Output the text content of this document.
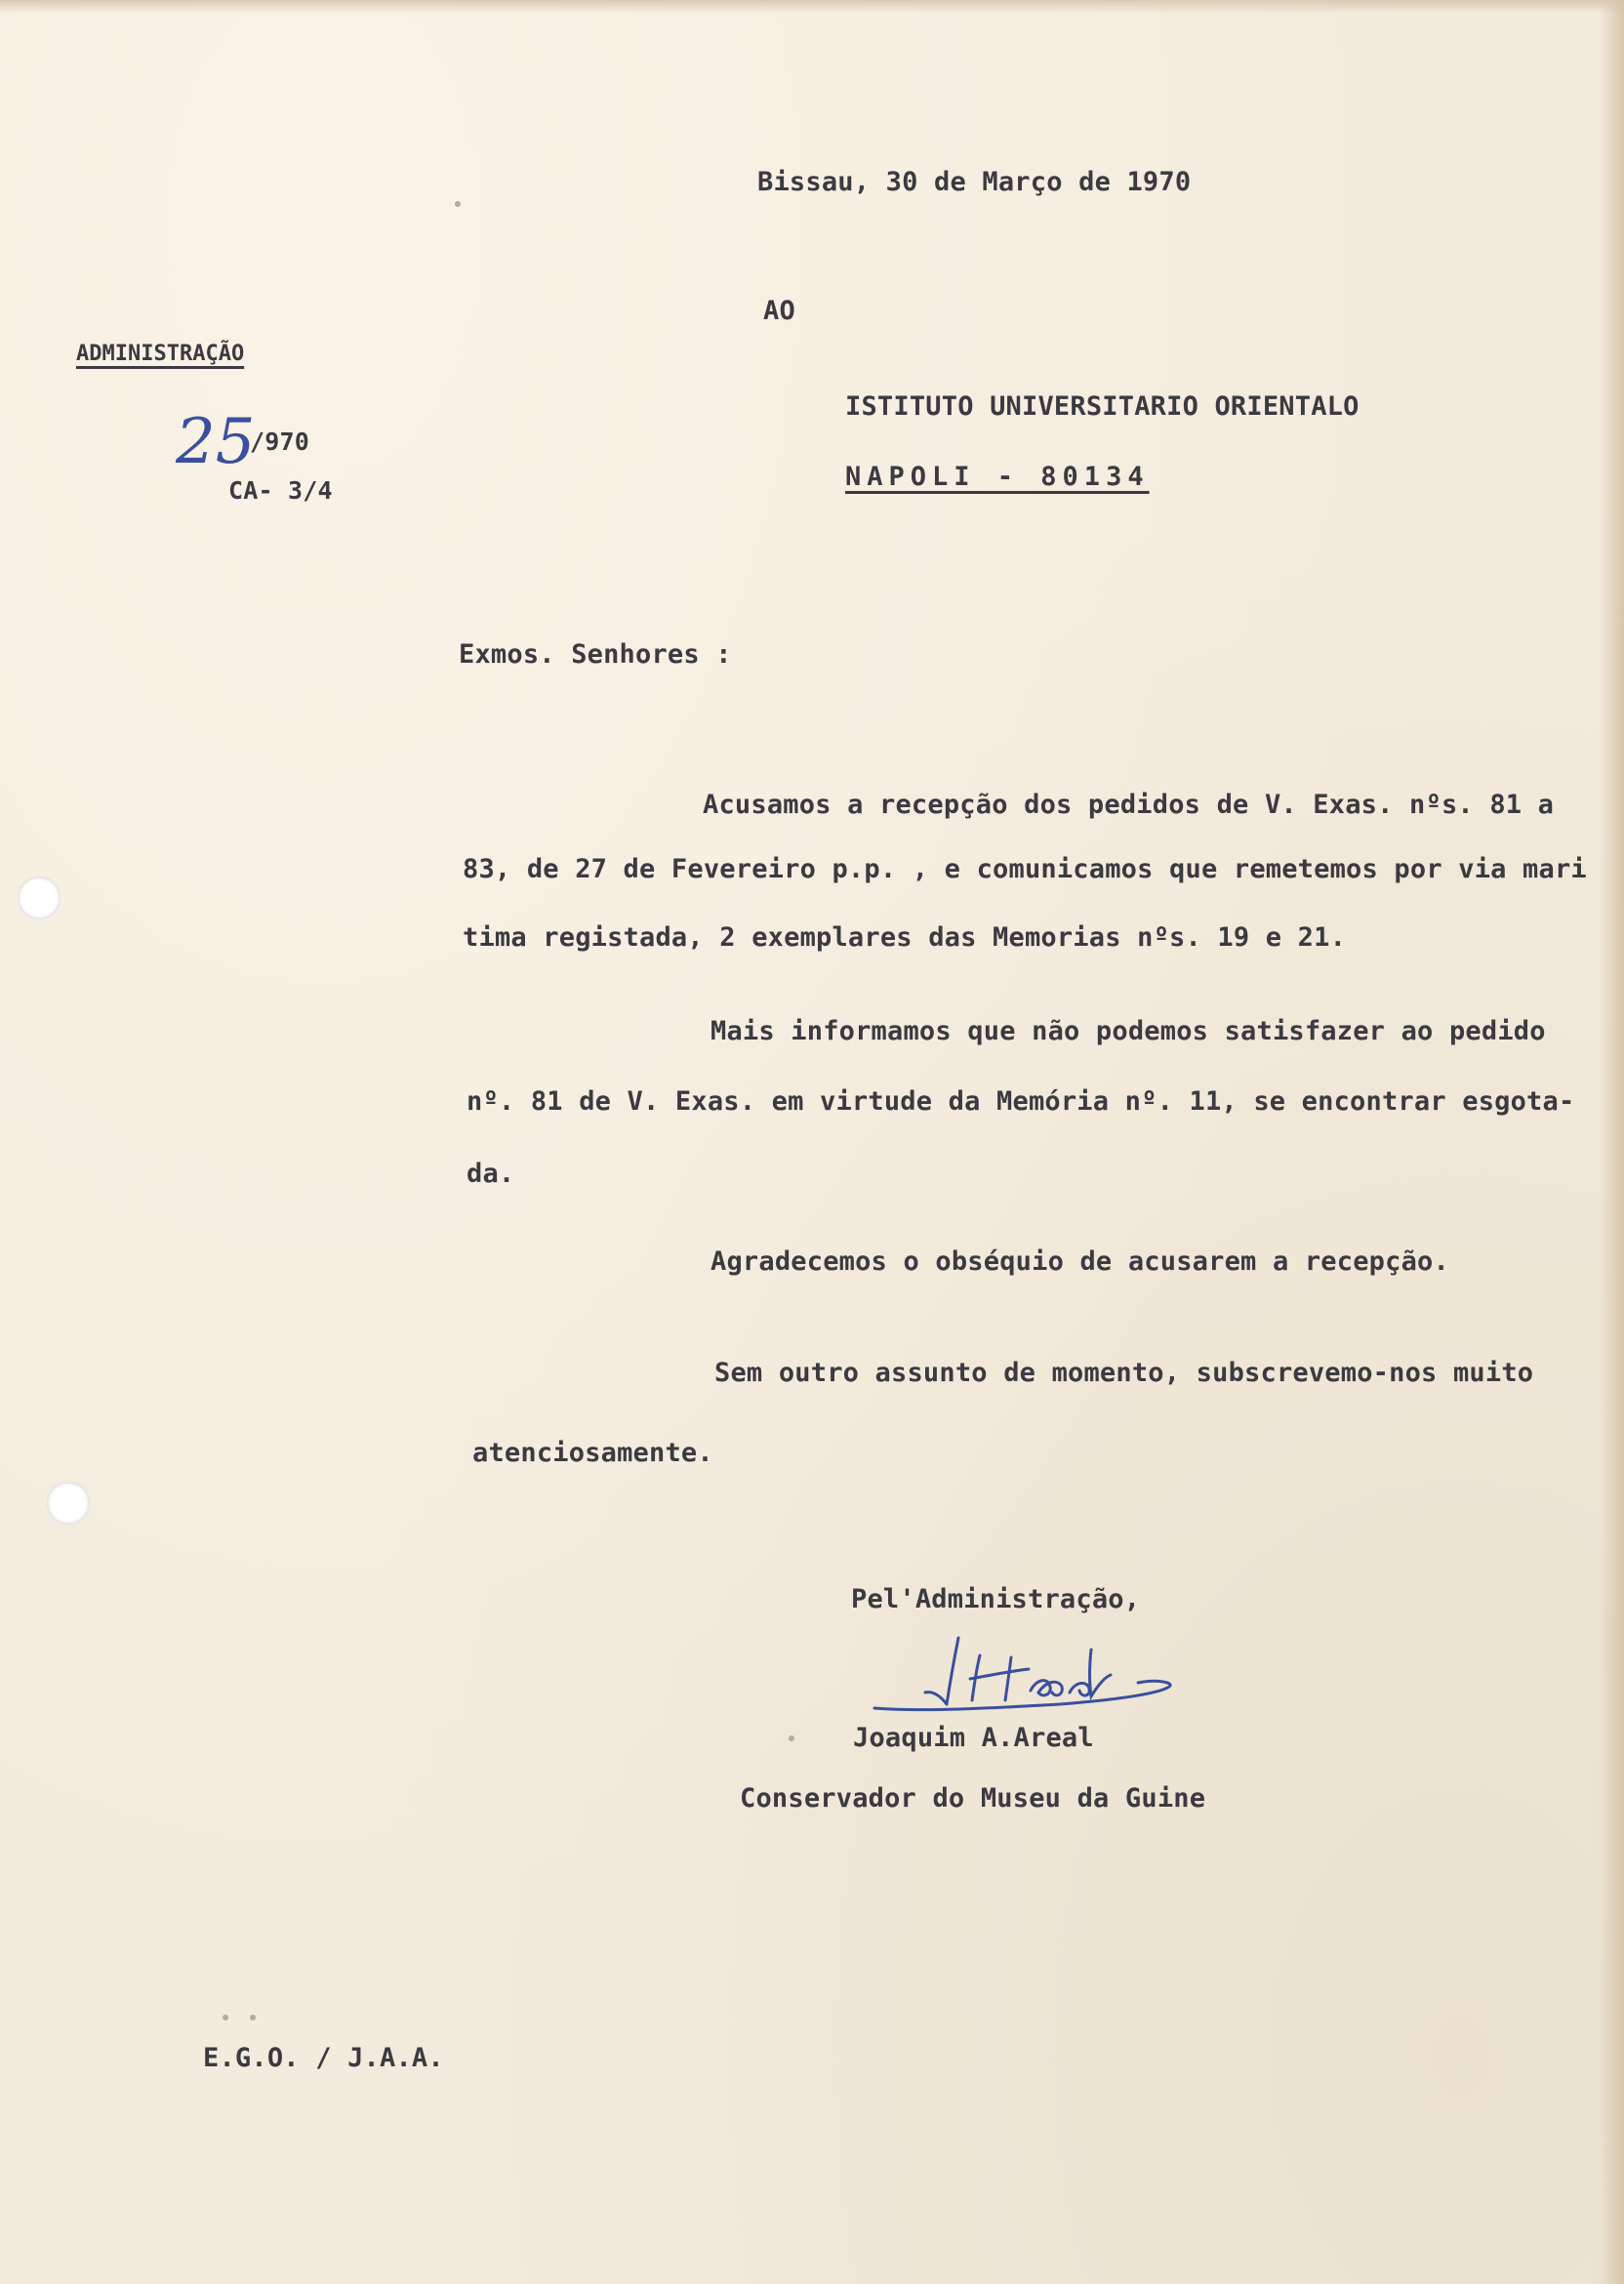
Bissau, 30 de Março de 1970

AO

ISTITUTO UNIVERSITARIO ORIENTALO

NAPOLI - 80134

ADMINISTRAÇÃO

25

/970

CA- 3/4

Exmos. Senhores :

Acusamos a recepção dos pedidos de V. Exas. nºs. 81 a

83, de 27 de Fevereiro p.p. , e comunicamos que remetemos por via mari

tima registada, 2 exemplares das Memorias nºs. 19 e 21.

Mais informamos que não podemos satisfazer ao pedido

nº. 81 de V. Exas. em virtude da Memória nº. 11, se encontrar esgota-

da.

Agradecemos o obséquio de acusarem a recepção.

Sem outro assunto de momento, subscrevemo-nos muito

atenciosamente.

Pel'Administração,

Joaquim A.Areal

Conservador do Museu da Guine

E.G.O. / J.A.A.
